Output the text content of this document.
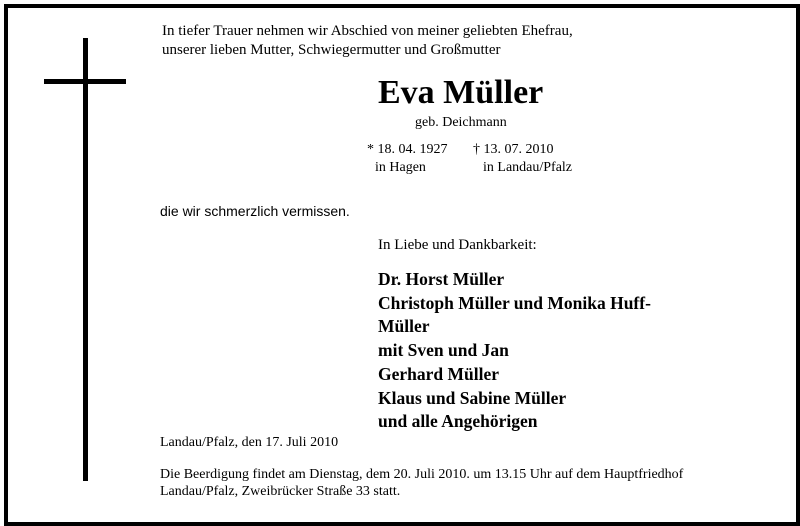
In tiefer Trauer nehmen wir Abschied von meiner geliebten Ehefrau,
unserer lieben Mutter, Schwiegermutter und Großmutter
Eva Müller
geb. Deichmann
* 18. 04. 1927
in Hagen
† 13. 07. 2010
in Landau/Pfalz
die wir schmerzlich vermissen.
In Liebe und Dankbarkeit:
Dr. Horst Müller
Christoph Müller und Monika Huff-
Müller
mit Sven und Jan
Gerhard Müller
Klaus und Sabine Müller
und alle Angehörigen
Landau/Pfalz, den 17. Juli 2010
Die Beerdigung findet am Dienstag, dem 20. Juli 2010. um 13.15 Uhr auf dem Hauptfriedhof
Landau/Pfalz, Zweibrücker Straße 33 statt.
